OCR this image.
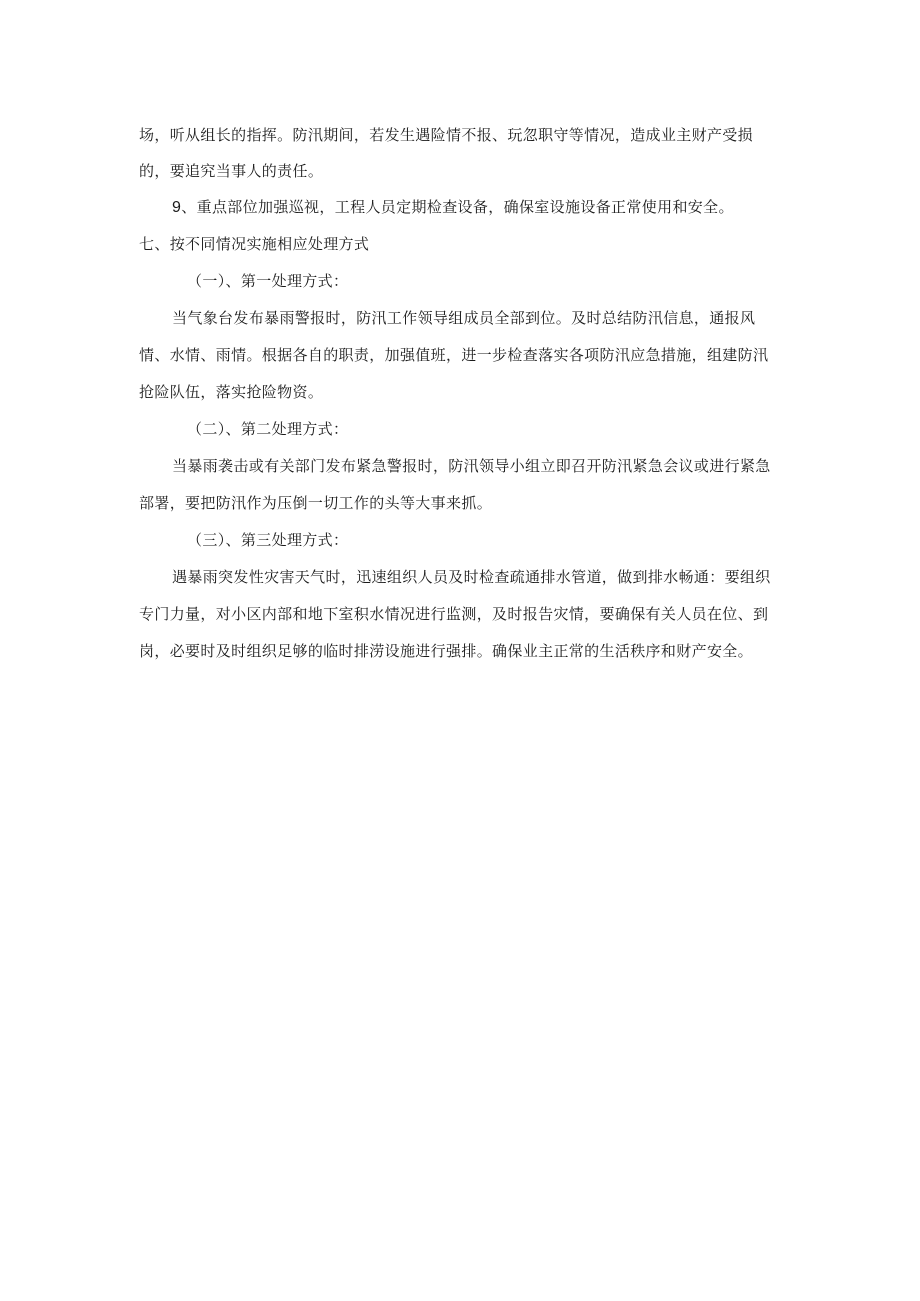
场，听从组长的指挥。防汛期间，若发生遇险情不报、玩忽职守等情况，造成业主财产受损
的，要追究当事人的责任。
9、重点部位加强巡视，工程人员定期检查设备，确保室设施设备正常使用和安全。
七、按不同情况实施相应处理方式
（一）、第一处理方式：
当气象台发布暴雨警报时，防汛工作领导组成员全部到位。及时总结防汛信息，通报风
情、水情、雨情。根据各自的职责，加强值班，进一步检查落实各项防汛应急措施，组建防汛
抢险队伍，落实抢险物资。
（二）、第二处理方式：
当暴雨袭击或有关部门发布紧急警报时，防汛领导小组立即召开防汛紧急会议或进行紧急
部署，要把防汛作为压倒一切工作的头等大事来抓。
（三）、第三处理方式：
遇暴雨突发性灾害天气时，迅速组织人员及时检查疏通排水管道，做到排水畅通：要组织
专门力量，对小区内部和地下室积水情况进行监测，及时报告灾情，要确保有关人员在位、到
岗，必要时及时组织足够的临时排涝设施进行强排。确保业主正常的生活秩序和财产安全。
